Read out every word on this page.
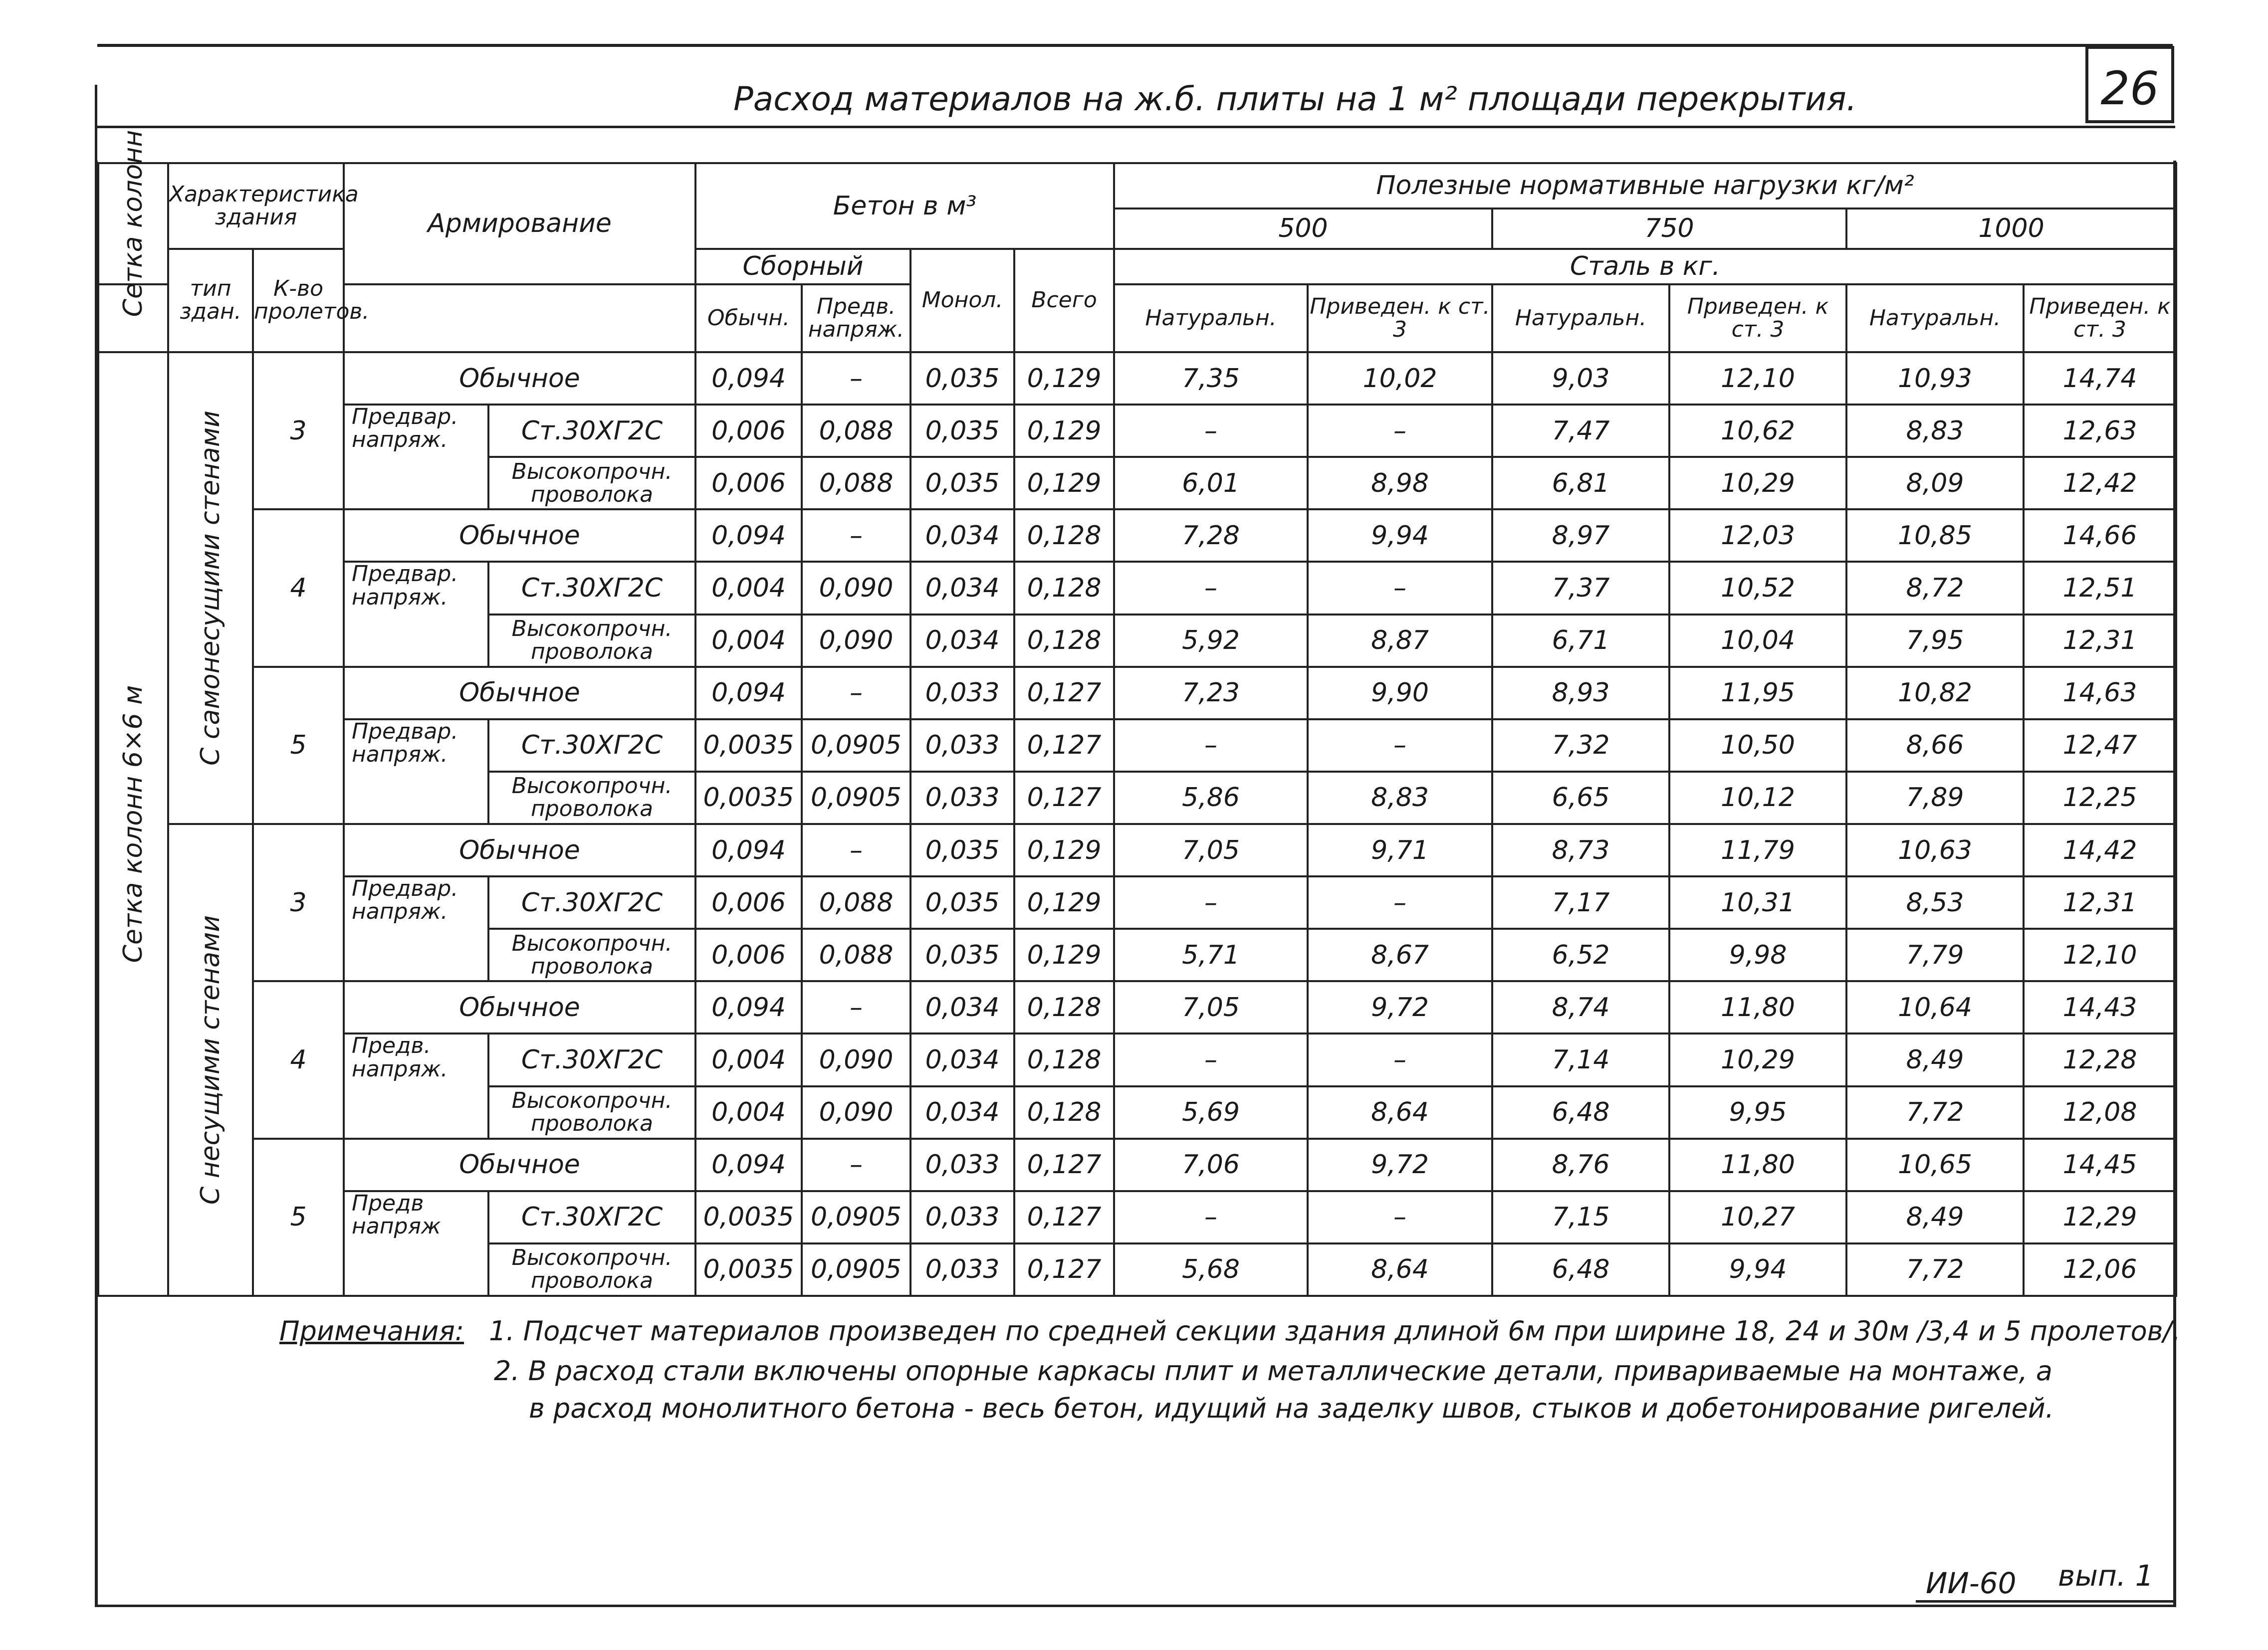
Расход материалов на ж.б. плиты на 1 м² площади перекрытия.	26
Сетка колонн	Характеристика здания		Армирование		Бетон в м³				Полезные нормативные нагрузки кг/м²					
									500		750		1000	
	тип здан.	К-во пролетов.			Сборный		Монол.	Всего	Сталь в кг.					
					Обычн.	Предв. напряж.			Натуральн.	Приведен. к ст. 3	Натуральн.	Приведен. к ст. 3	Натуральн.	Приведен. к ст. 3

Сетка колонн 6×6 м	С самонесущими стенами	3	Обычное		0,094	–	0,035	0,129	7,35	10,02	9,03	12,10	10,93	14,74
			Предвар. напряж.	Ст.30ХГ2С	0,006	0,088	0,035	0,129	–	–	7,47	10,62	8,83	12,63
				Высокопрочн. проволока	0,006	0,088	0,035	0,129	6,01	8,98	6,81	10,29	8,09	12,42
		4	Обычное		0,094	–	0,034	0,128	7,28	9,94	8,97	12,03	10,85	14,66
			Предвар. напряж.	Ст.30ХГ2С	0,004	0,090	0,034	0,128	–	–	7,37	10,52	8,72	12,51
				Высокопрочн. проволока	0,004	0,090	0,034	0,128	5,92	8,87	6,71	10,04	7,95	12,31
		5	Обычное		0,094	–	0,033	0,127	7,23	9,90	8,93	11,95	10,82	14,63
			Предвар. напряж.	Ст.30ХГ2С	0,0035	0,0905	0,033	0,127	–	–	7,32	10,50	8,66	12,47
				Высокопрочн. проволока	0,0035	0,0905	0,033	0,127	5,86	8,83	6,65	10,12	7,89	12,25

	С несущими стенами	3	Обычное		0,094	–	0,035	0,129	7,05	9,71	8,73	11,79	10,63	14,42
			Предвар. напряж.	Ст.30ХГ2С	0,006	0,088	0,035	0,129	–	–	7,17	10,31	8,53	12,31
				Высокопрочн. проволока	0,006	0,088	0,035	0,129	5,71	8,67	6,52	9,98	7,79	12,10
		4	Обычное		0,094	–	0,034	0,128	7,05	9,72	8,74	11,80	10,64	14,43
			Предв. напряж.	Ст.30ХГ2С	0,004	0,090	0,034	0,128	–	–	7,14	10,29	8,49	12,28
				Высокопрочн. проволока	0,004	0,090	0,034	0,128	5,69	8,64	6,48	9,95	7,72	12,08
		5	Обычное		0,094	–	0,033	0,127	7,06	9,72	8,76	11,80	10,65	14,45
			Предв напряж	Ст.30ХГ2С	0,0035	0,0905	0,033	0,127	–	–	7,15	10,27	8,49	12,29
				Высокопрочн. проволока	0,0035	0,0905	0,033	0,127	5,68	8,64	6,48	9,94	7,72	12,06
Примечания: 1. Подсчет материалов произведен по средней секции здания длиной 6м при ширине 18, 24 и 30м /3,4 и 5 пролетов/.
2. В расход стали включены опорные каркасы плит и металлические детали, привариваемые на монтаже, а
в расход монолитного бетона - весь бетон, идущий на заделку швов, стыков и добетонирование ригелей.
ИИ-60 вып. 1
